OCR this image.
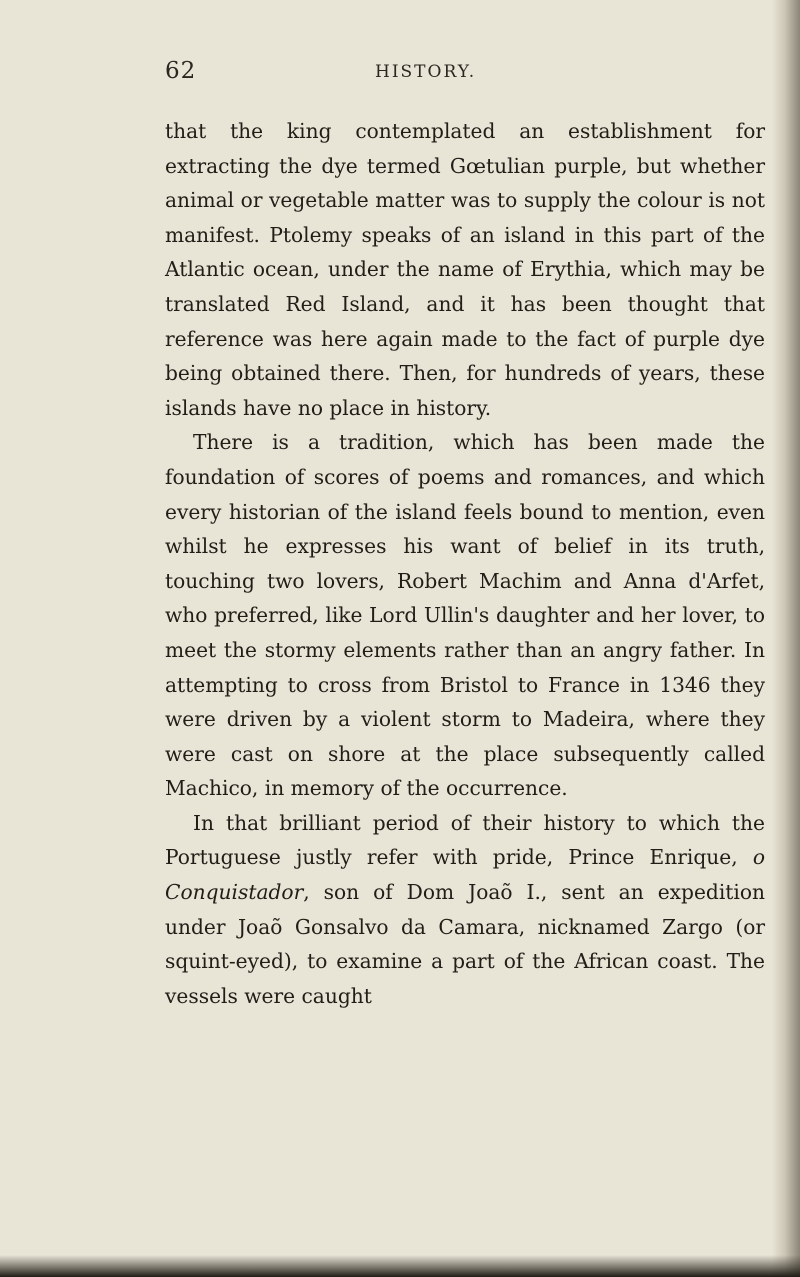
62	HISTORY.

that the king contemplated an establishment for extracting the dye termed Gœtulian purple, but whether animal or vegetable matter was to supply the colour is not manifest. Ptolemy speaks of an island in this part of the Atlantic ocean, under the name of Erythia, which may be translated Red Island, and it has been thought that reference was here again made to the fact of purple dye being obtained there. Then, for hundreds of years, these islands have no place in history.

There is a tradition, which has been made the foundation of scores of poems and romances, and which every historian of the island feels bound to mention, even whilst he expresses his want of belief in its truth, touching two lovers, Robert Machim and Anna d'Arfet, who preferred, like Lord Ullin's daughter and her lover, to meet the stormy elements rather than an angry father. In attempting to cross from Bristol to France in 1346 they were driven by a violent storm to Madeira, where they were cast on shore at the place subsequently called Machico, in memory of the occurrence.

In that brilliant period of their history to which the Portuguese justly refer with pride, Prince Enrique, o Conquistador, son of Dom Joaõ I., sent an expedition under Joaõ Gonsalvo da Camara, nicknamed Zargo (or squint-eyed), to examine a part of the African coast. The vessels were caught
